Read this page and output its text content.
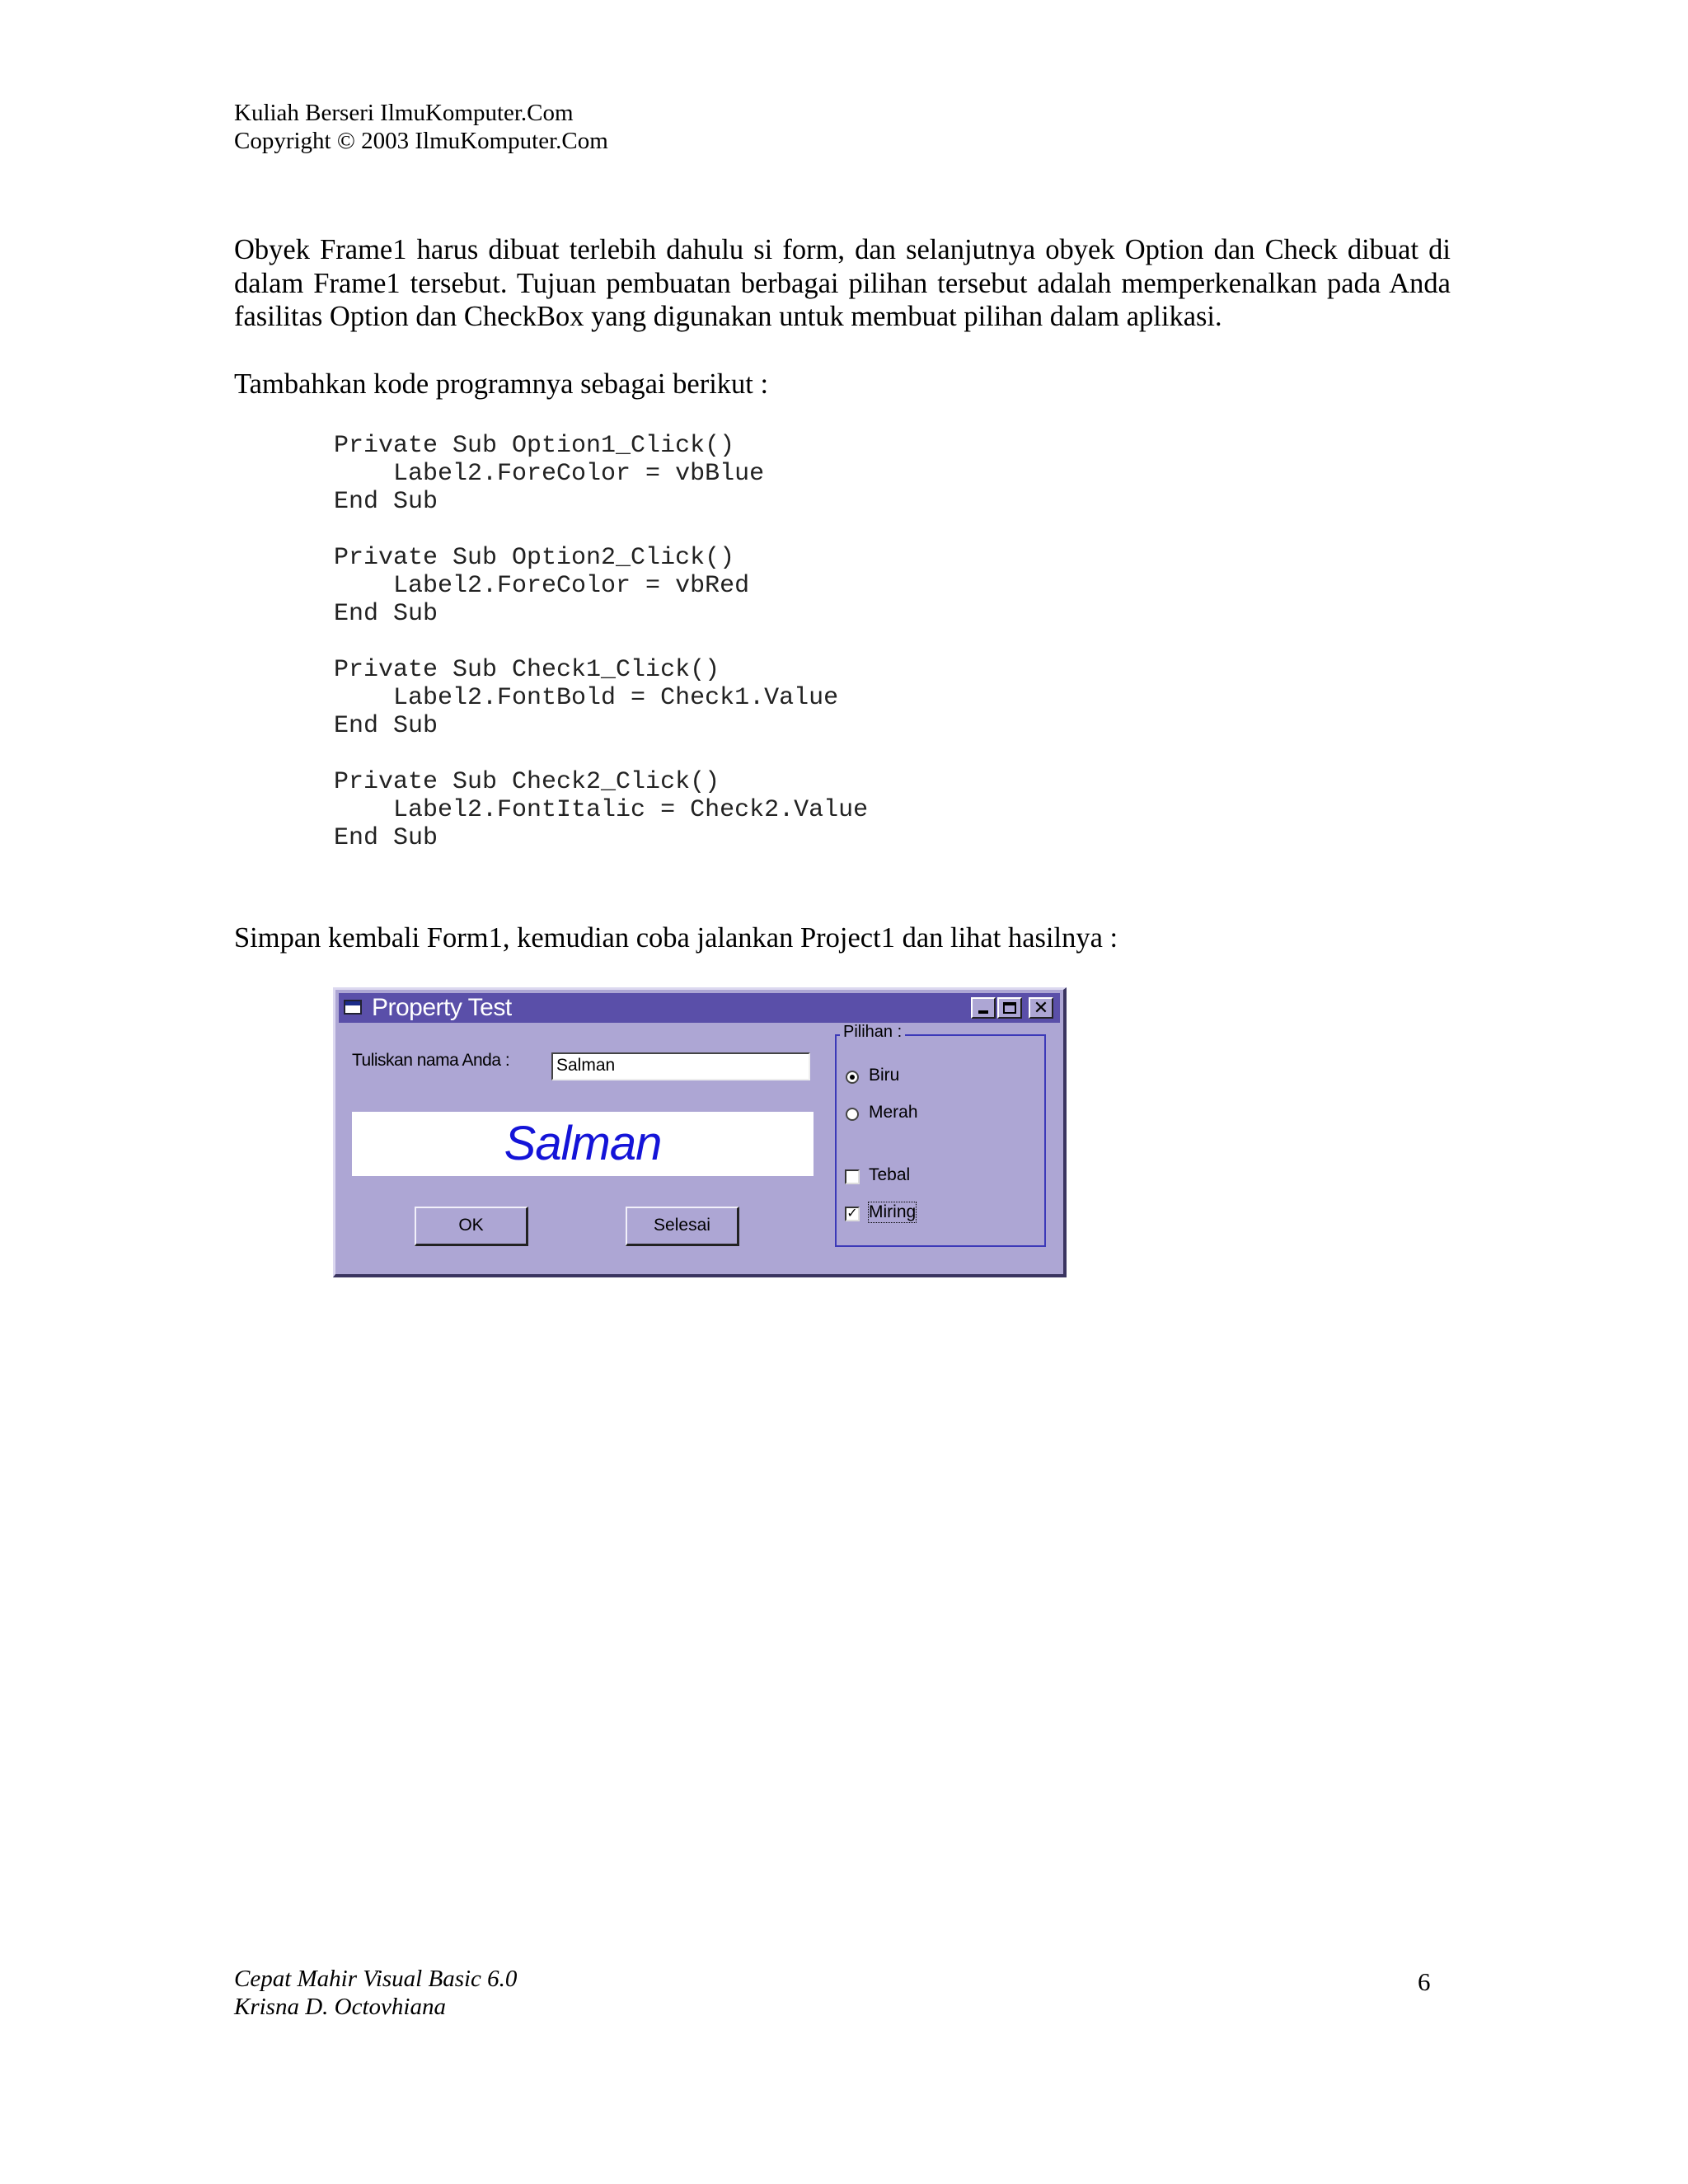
Kuliah Berseri IlmuKomputer.Com
Copyright © 2003 IlmuKomputer.Com
Obyek Frame1 harus dibuat terlebih dahulu si form, dan selanjutnya obyek Option dan Check dibuat di dalam Frame1 tersebut. Tujuan pembuatan berbagai pilihan tersebut adalah memperkenalkan pada Anda fasilitas Option dan CheckBox yang digunakan untuk membuat pilihan dalam aplikasi.
Tambahkan kode programnya sebagai berikut :
Private Sub Option1_Click()
Label2.ForeColor = vbBlue
End Sub

Private Sub Option2_Click()
Label2.ForeColor = vbRed
End Sub

Private Sub Check1_Click()
Label2.FontBold = Check1.Value
End Sub

Private Sub Check2_Click()
Label2.FontItalic = Check2.Value
End Sub
Simpan kembali Form1, kemudian coba jalankan Project1 dan lihat hasilnya :
Property Test	✕
Tuliskan nama Anda :	Salman
Salman
OK	Selesai
Pilihan :
Biru
Merah
Tebal
✓ Miring
Cepat Mahir Visual Basic 6.0
Krisna D. Octovhiana
6
